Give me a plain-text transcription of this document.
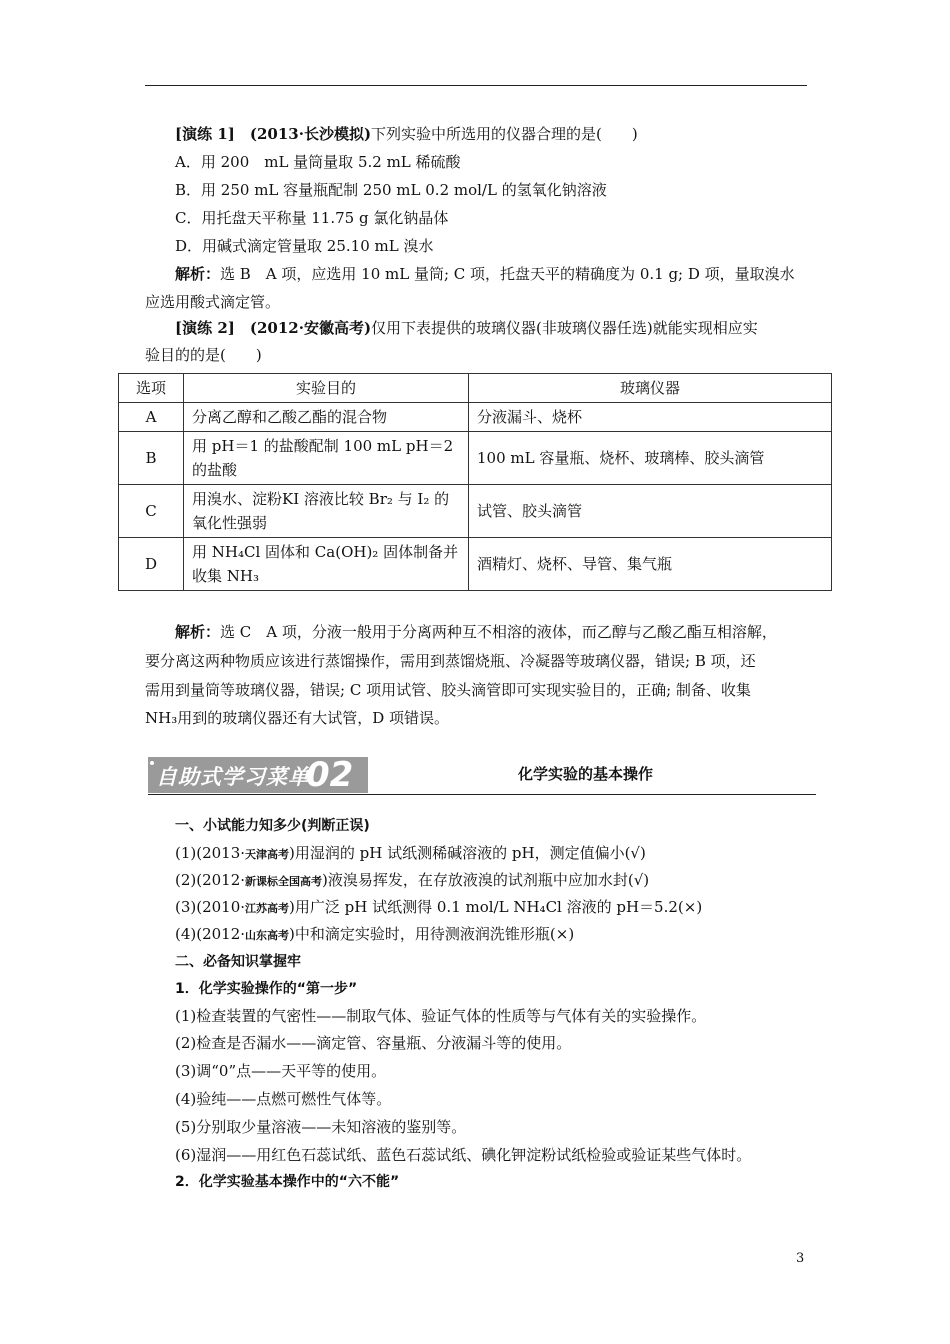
[演练 1]　 (2013·长沙模拟)下列实验中所选用的仪器合理的是(　　)
A．用 200　mL 量筒量取 5.2 mL 稀硫酸
B．用 250 mL 容量瓶配制 250 mL 0.2 mol/L 的氢氧化钠溶液
C．用托盘天平称量 11.75 g 氯化钠晶体
D．用碱式滴定管量取 25.10 mL 溴水
解析：选 B　A 项，应选用 10 mL 量筒; C 项，托盘天平的精确度为 0.1 g; D 项，量取溴水
应选用酸式滴定管。
[演练 2]　 (2012·安徽高考)仅用下表提供的玻璃仪器(非玻璃仪器任选)就能实现相应实
验目的的是(　　)
选项	实验目的	玻璃仪器
A	分离乙醇和乙酸乙酯的混合物	分液漏斗、烧杯
B	用 pH＝1 的盐酸配制 100 mL pH＝2
的盐酸	100 mL 容量瓶、烧杯、玻璃棒、胶头滴管
C	用溴水、淀粉KI 溶液比较 Br₂ 与 I₂ 的
氧化性强弱	试管、胶头滴管
D	用 NH₄Cl 固体和 Ca(OH)₂ 固体制备并
收集 NH₃	酒精灯、烧杯、导管、集气瓶
解析：选 C　A 项，分液一般用于分离两种互不相溶的液体，而乙醇与乙酸乙酯互相溶解，
要分离这两种物质应该进行蒸馏操作，需用到蒸馏烧瓶、冷凝器等玻璃仪器，错误; B 项，还
需用到量筒等玻璃仪器，错误; C 项用试管、胶头滴管即可实现实验目的，正确; 制备、收集
NH₃用到的玻璃仪器还有大试管，D 项错误。
自助式学习菜单
02	化学实验的基本操作
一、小试能力知多少(判断正误)
(1)(2013·天津高考)用湿润的 pH 试纸测稀碱溶液的 pH，测定值偏小(√)
(2)(2012·新课标全国高考)液溴易挥发，在存放液溴的试剂瓶中应加水封(√)
(3)(2010·江苏高考)用广泛 pH 试纸测得 0.1 mol/L NH₄Cl 溶液的 pH＝5.2(×)
(4)(2012·山东高考)中和滴定实验时，用待测液润洗锥形瓶(×)
二、必备知识掌握牢
1．化学实验操作的“第一步”
(1)检查装置的气密性——制取气体、验证气体的性质等与气体有关的实验操作。
(2)检查是否漏水——滴定管、容量瓶、分液漏斗等的使用。
(3)调“0”点——天平等的使用。
(4)验纯——点燃可燃性气体等。
(5)分别取少量溶液——未知溶液的鉴别等。
(6)湿润——用红色石蕊试纸、蓝色石蕊试纸、碘化钾淀粉试纸检验或验证某些气体时。
2．化学实验基本操作中的“六不能”
3
